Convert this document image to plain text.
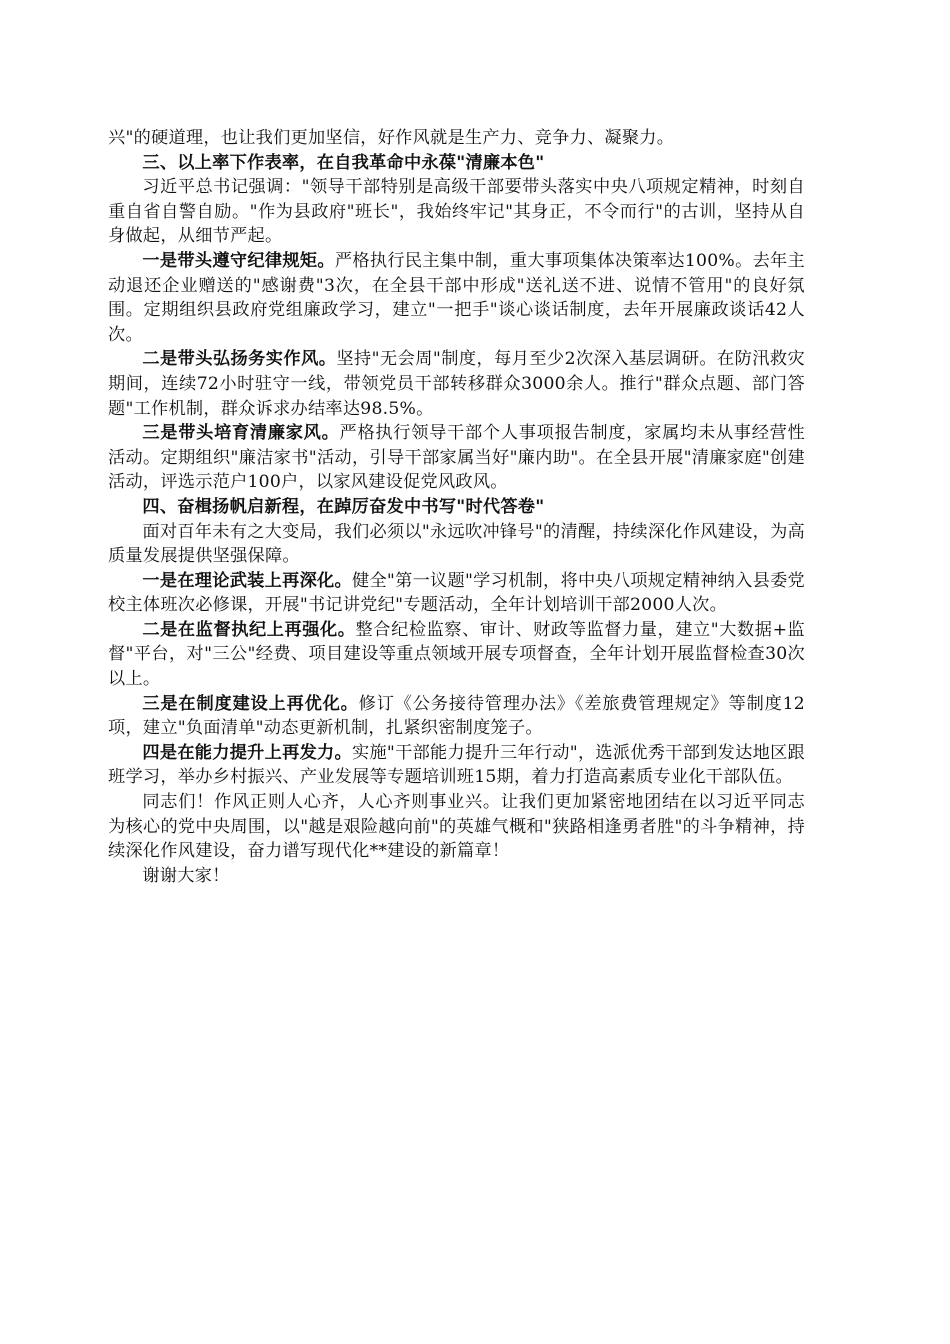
兴"的硬道理，也让我们更加坚信，好作风就是生产力、竞争力、凝聚力。

三、以上率下作表率，在自我革命中永葆"清廉本色"

习近平总书记强调："领导干部特别是高级干部要带头落实中央八项规定精神，时刻自重自省自警自励。"作为县政府"班长"，我始终牢记"其身正，不令而行"的古训，坚持从自身做起，从细节严起。

一是带头遵守纪律规矩。严格执行民主集中制，重大事项集体决策率达100%。去年主动退还企业赠送的"感谢费"3次，在全县干部中形成"送礼送不进、说情不管用"的良好氛围。定期组织县政府党组廉政学习，建立"一把手"谈心谈话制度，去年开展廉政谈话42人次。

二是带头弘扬务实作风。坚持"无会周"制度，每月至少2次深入基层调研。在防汛救灾期间，连续72小时驻守一线，带领党员干部转移群众3000余人。推行"群众点题、部门答题"工作机制，群众诉求办结率达98.5%。

三是带头培育清廉家风。严格执行领导干部个人事项报告制度，家属均未从事经营性活动。定期组织"廉洁家书"活动，引导干部家属当好"廉内助"。在全县开展"清廉家庭"创建活动，评选示范户100户，以家风建设促党风政风。

四、奋楫扬帆启新程，在踔厉奋发中书写"时代答卷"

面对百年未有之大变局，我们必须以"永远吹冲锋号"的清醒，持续深化作风建设，为高质量发展提供坚强保障。

一是在理论武装上再深化。健全"第一议题"学习机制，将中央八项规定精神纳入县委党校主体班次必修课，开展"书记讲党纪"专题活动，全年计划培训干部2000人次。

二是在监督执纪上再强化。整合纪检监察、审计、财政等监督力量，建立"大数据+监督"平台，对"三公"经费、项目建设等重点领域开展专项督查，全年计划开展监督检查30次以上。

三是在制度建设上再优化。修订《公务接待管理办法》《差旅费管理规定》等制度12项，建立"负面清单"动态更新机制，扎紧织密制度笼子。

四是在能力提升上再发力。实施"干部能力提升三年行动"，选派优秀干部到发达地区跟班学习，举办乡村振兴、产业发展等专题培训班15期，着力打造高素质专业化干部队伍。

同志们！作风正则人心齐，人心齐则事业兴。让我们更加紧密地团结在以习近平同志为核心的党中央周围，以"越是艰险越向前"的英雄气概和"狭路相逢勇者胜"的斗争精神，持续深化作风建设，奋力谱写现代化**建设的新篇章！

谢谢大家！
